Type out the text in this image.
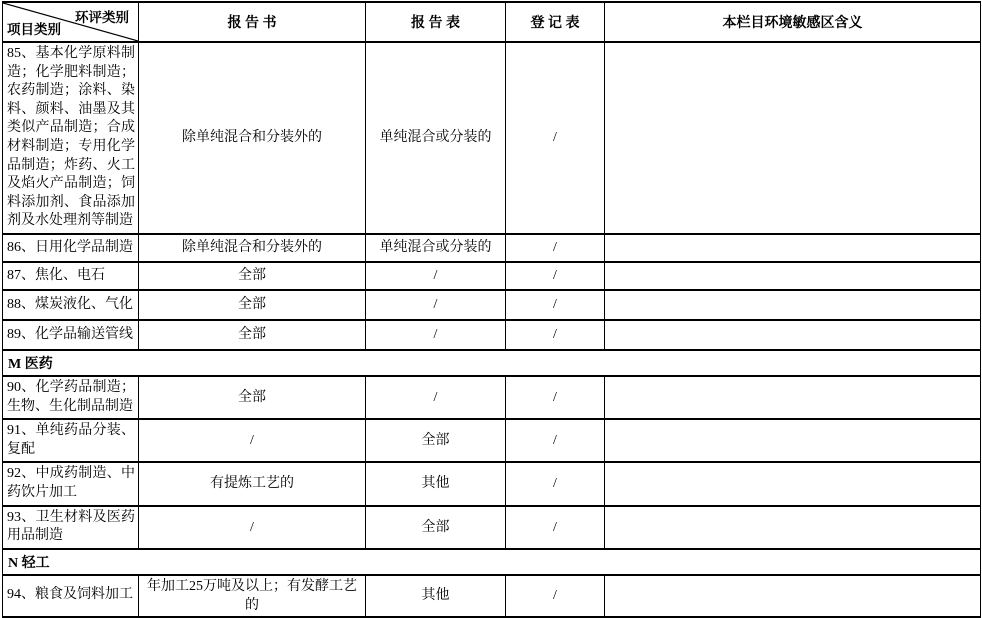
环评类别
项目类别	报 告 书	报 告 表	登 记 表	本栏目环境敏感区含义
85、基本化学原料制造；化学肥料制造；农药制造；涂料、染料、颜料、油墨及其类似产品制造；合成材料制造；专用化学品制造；炸药、火工及焰火产品制造；饲料添加剂、食品添加剂及水处理剂等制造	除单纯混合和分装外的	单纯混合或分装的	/	
86、日用化学品制造	除单纯混合和分装外的	单纯混合或分装的	/	
87、焦化、电石	全部	/	/	
88、煤炭液化、气化	全部	/	/	
89、化学品输送管线	全部	/	/	
M 医药				
90、化学药品制造；生物、生化制品制造	全部	/	/	
91、单纯药品分装、复配	/	全部	/	
92、中成药制造、中药饮片加工	有提炼工艺的	其他	/	
93、卫生材料及医药用品制造	/	全部	/	
N 轻工				
94、粮食及饲料加工	年加工25万吨及以上；有发酵工艺的	其他	/	
